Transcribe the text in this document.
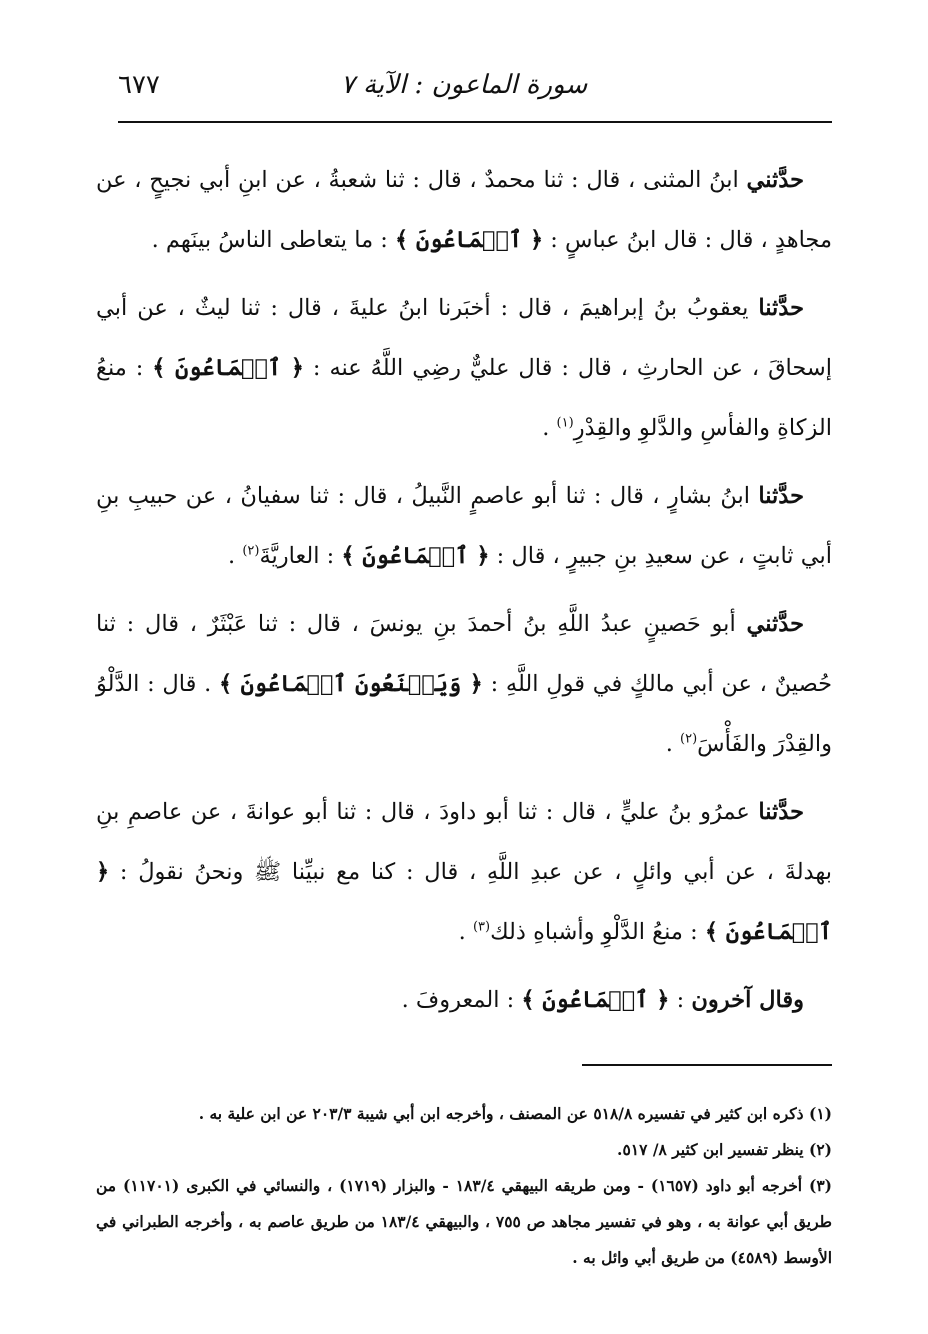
سورة الماعون : الآية ٧
٦٧٧

حدَّثني ابنُ المثنى ، قال : ثنا محمدٌ ، قال : ثنا شعبةُ ، عن ابنِ أبي نجيحٍ ، عن مجاهدٍ ، قال : قال ابنُ عباسٍ : ﴿ ٱلۡمَاعُونَ ﴾ : ما يتعاطى الناسُ بينَهم .

حدَّثنا يعقوبُ بنُ إبراهيمَ ، قال : أخبَرنا ابنُ عليةَ ، قال : ثنا ليثٌ ، عن أبي إسحاقَ ، عن الحارثِ ، قال : قال عليٌّ رضِي اللَّهُ عنه : ﴿ ٱلۡمَاعُونَ ﴾ : منعُ الزكاةِ والفأسِ والدَّلوِ والقِدْرِ$^{(١)}$ .

حدَّثنا ابنُ بشارٍ ، قال : ثنا أبو عاصمٍ النَّبيلُ ، قال : ثنا سفيانُ ، عن حبيبِ بنِ أبي ثابتٍ ، عن سعيدِ بنِ جبيرٍ ، قال : ﴿ ٱلۡمَاعُونَ ﴾ : العاريَّةَ$^{(٢)}$ .

حدَّثني أبو حَصينٍ عبدُ اللَّهِ بنُ أحمدَ بنِ يونسَ ، قال : ثنا عَبْثَرٌ ، قال : ثنا حُصينٌ ، عن أبي مالكٍ في قولِ اللَّهِ : ﴿ وَيَمۡنَعُونَ ٱلۡمَاعُونَ ﴾ . قال : الدَّلْوُ والقِدْرَ والفَأْسَ$^{(٢)}$ .

حدَّثنا عمرُو بنُ عليٍّ ، قال : ثنا أبو داودَ ، قال : ثنا أبو عوانةَ ، عن عاصمِ بنِ بهدلةَ ، عن أبي وائلٍ ، عن عبدِ اللَّهِ ، قال : كنا مع نبيِّنا ﷺ ونحنُ نقولُ : ﴿ ٱلۡمَاعُونَ ﴾ : منعُ الدَّلْوِ وأشباهِ ذلك$^{(٣)}$ .

وقال آخرون : ﴿ ٱلۡمَاعُونَ ﴾ : المعروفَ .

(١) ذكره ابن كثير في تفسيره ٥١٨/٨ عن المصنف ، وأخرجه ابن أبي شيبة ٢٠٣/٣ عن ابن علية به .

(٢) ينظر تفسير ابن كثير ٨/ ٥١٧.

(٣) أخرجه أبو داود (١٦٥٧) - ومن طريقه البيهقي ١٨٣/٤ - والبزار (١٧١٩) ، والنسائي في الكبرى (١١٧٠١) من طريق أبي عوانة به ، وهو في تفسير مجاهد ص ٧٥٥ ، والبيهقي ١٨٣/٤ من طريق عاصم به ، وأخرجه الطبراني في الأوسط (٤٥٨٩) من طريق أبي وائل به .
